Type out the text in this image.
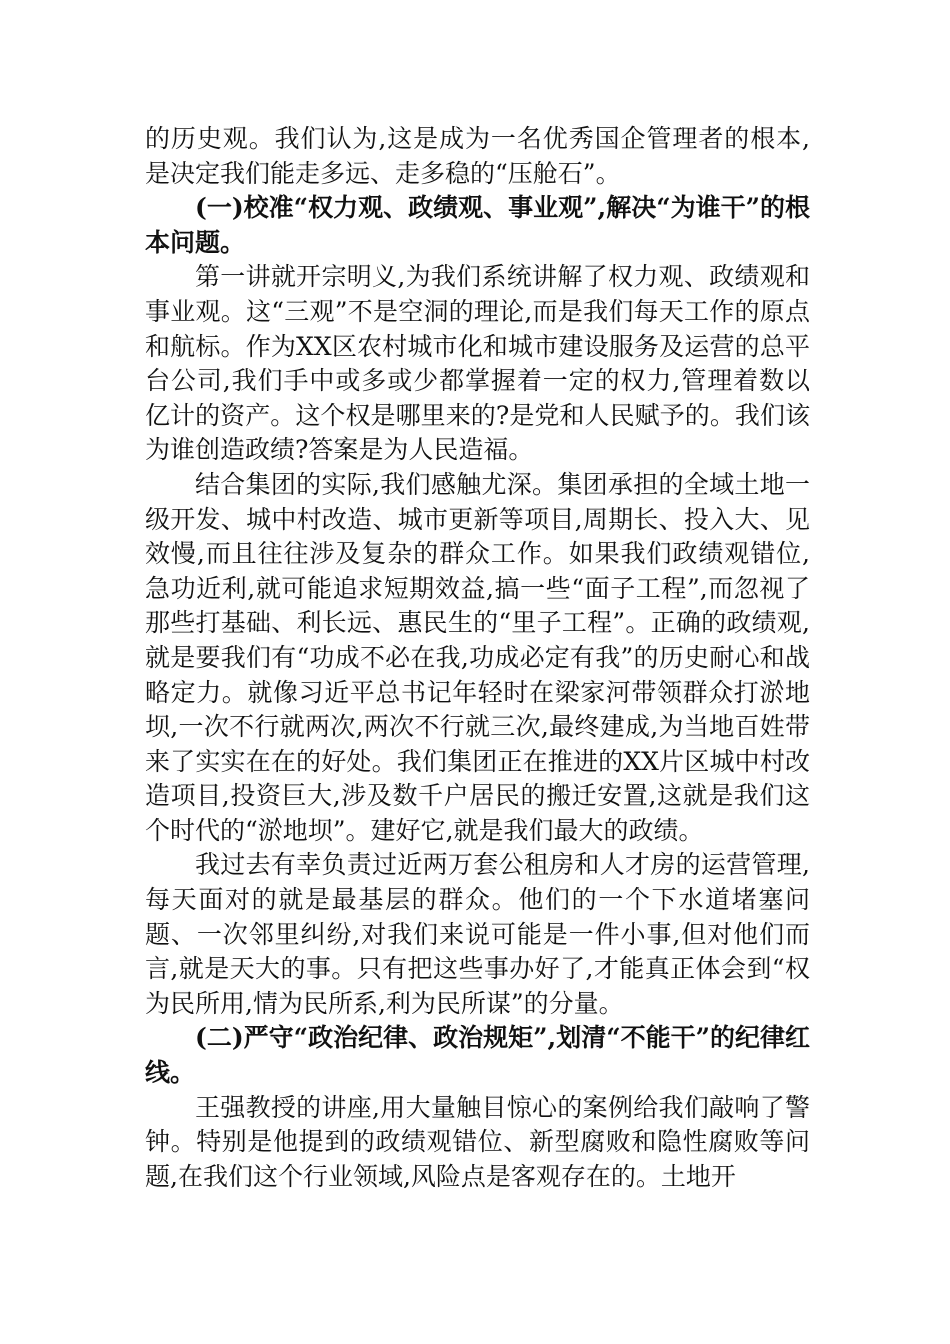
的历史观。我们认为,这是成为一名优秀国企管理者的根本,是决定我们能走多远、走多稳的“压舱石”。

(一)校准“权力观、政绩观、事业观”,解决“为谁干”的根本问题。

第一讲就开宗明义,为我们系统讲解了权力观、政绩观和事业观。这“三观”不是空洞的理论,而是我们每天工作的原点和航标。作为XX区农村城市化和城市建设服务及运营的总平台公司,我们手中或多或少都掌握着一定的权力,管理着数以亿计的资产。这个权是哪里来的?是党和人民赋予的。我们该为谁创造政绩?答案是为人民造福。

结合集团的实际,我们感触尤深。集团承担的全域土地一级开发、城中村改造、城市更新等项目,周期长、投入大、见效慢,而且往往涉及复杂的群众工作。如果我们政绩观错位,急功近利,就可能追求短期效益,搞一些“面子工程”,而忽视了那些打基础、利长远、惠民生的“里子工程”。正确的政绩观,就是要我们有“功成不必在我,功成必定有我”的历史耐心和战略定力。就像习近平总书记年轻时在梁家河带领群众打淤地坝,一次不行就两次,两次不行就三次,最终建成,为当地百姓带来了实实在在的好处。我们集团正在推进的XX片区城中村改造项目,投资巨大,涉及数千户居民的搬迁安置,这就是我们这个时代的“淤地坝”。建好它,就是我们最大的政绩。

我过去有幸负责过近两万套公租房和人才房的运营管理,每天面对的就是最基层的群众。他们的一个下水道堵塞问题、一次邻里纠纷,对我们来说可能是一件小事,但对他们而言,就是天大的事。只有把这些事办好了,才能真正体会到“权为民所用,情为民所系,利为民所谋”的分量。

(二)严守“政治纪律、政治规矩”,划清“不能干”的纪律红线。

王强教授的讲座,用大量触目惊心的案例给我们敲响了警钟。特别是他提到的政绩观错位、新型腐败和隐性腐败等问题,在我们这个行业领域,风险点是客观存在的。土地开
